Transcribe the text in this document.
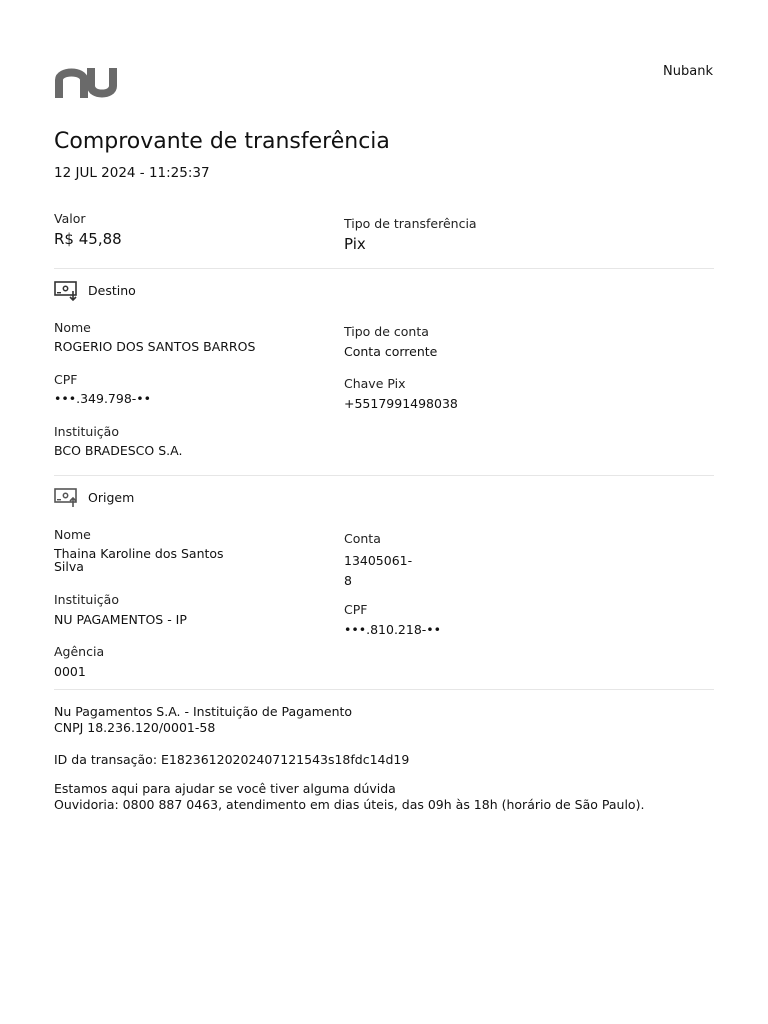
Nubank
Comprovante de transferência
12 JUL 2024 - 11:25:37
Valor
R$ 45,88
Tipo de transferência
Pix
Destino
Nome
ROGERIO DOS SANTOS BARROS
CPF
•••.349.798-••
Instituição
BCO BRADESCO S.A.
Tipo de conta
Conta corrente
Chave Pix
+5517991498038
Origem
Nome
Thaina Karoline dos Santos Silva
Instituição
NU PAGAMENTOS - IP
Agência
0001
Conta
13405061-8
CPF
•••.810.218-••
Nu Pagamentos S.A. - Instituição de Pagamento
CNPJ 18.236.120/0001-58
ID da transação: E18236120202407121543s18fdc14d19
Estamos aqui para ajudar se você tiver alguma dúvida
Ouvidoria: 0800 887 0463, atendimento em dias úteis, das 09h às 18h (horário de São Paulo).
